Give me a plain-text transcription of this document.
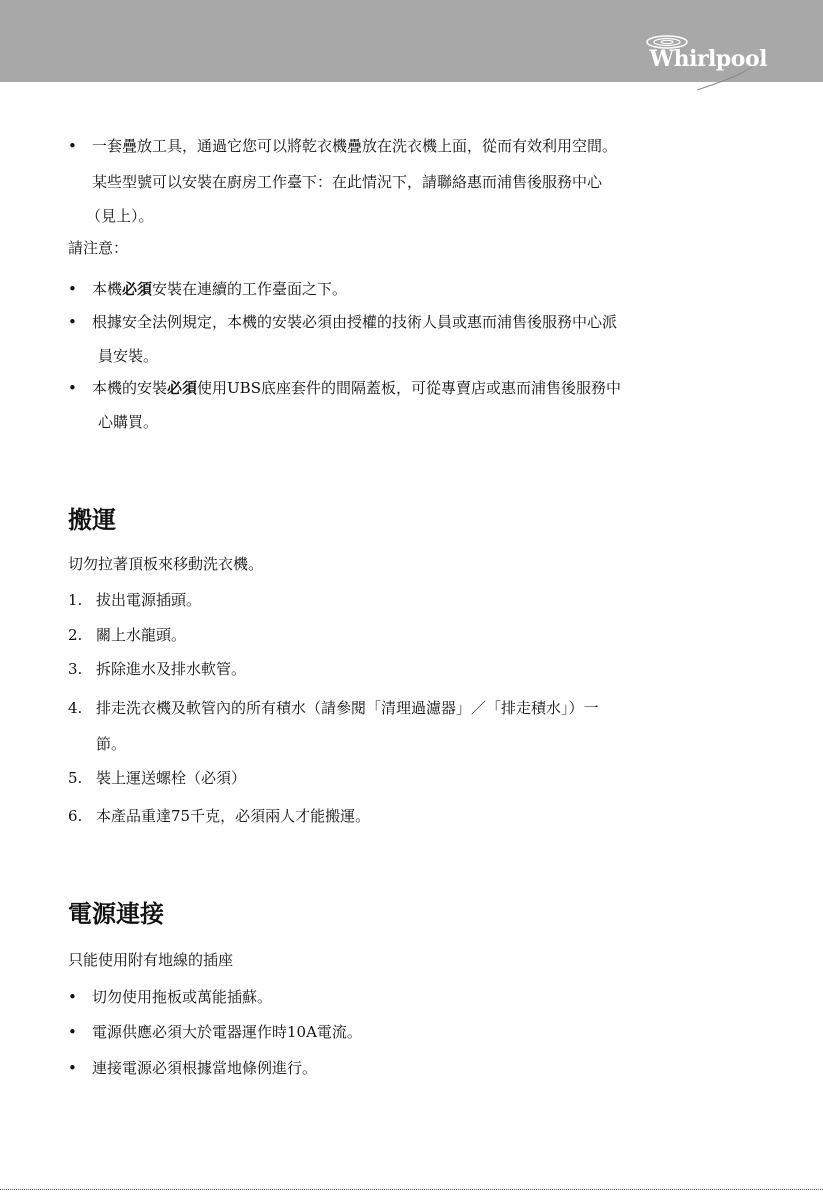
Whirlpool
• 一套疊放工具，通過它您可以將乾衣機疊放在洗衣機上面，從而有效利用空間。
某些型號可以安裝在廚房工作臺下：在此情況下，請聯絡惠而浦售後服務中心
（見上）。
請注意：
• 本機必須安裝在連續的工作臺面之下。
• 根據安全法例規定，本機的安裝必須由授權的技術人員或惠而浦售後服務中心派
員安裝。
• 本機的安裝必須使用UBS底座套件的間隔蓋板，可從專賣店或惠而浦售後服務中
心購買。
搬運
切勿拉著頂板來移動洗衣機。
1. 拔出電源插頭。
2. 關上水龍頭。
3. 拆除進水及排水軟管。
4. 排走洗衣機及軟管內的所有積水（請參閱「清理過濾器」／「排走積水」）一
節。
5. 裝上運送螺栓（必須）
6. 本產品重達75千克，必須兩人才能搬運。
電源連接
只能使用附有地線的插座
• 切勿使用拖板或萬能插蘇。
• 電源供應必須大於電器運作時10A電流。
• 連接電源必須根據當地條例進行。
